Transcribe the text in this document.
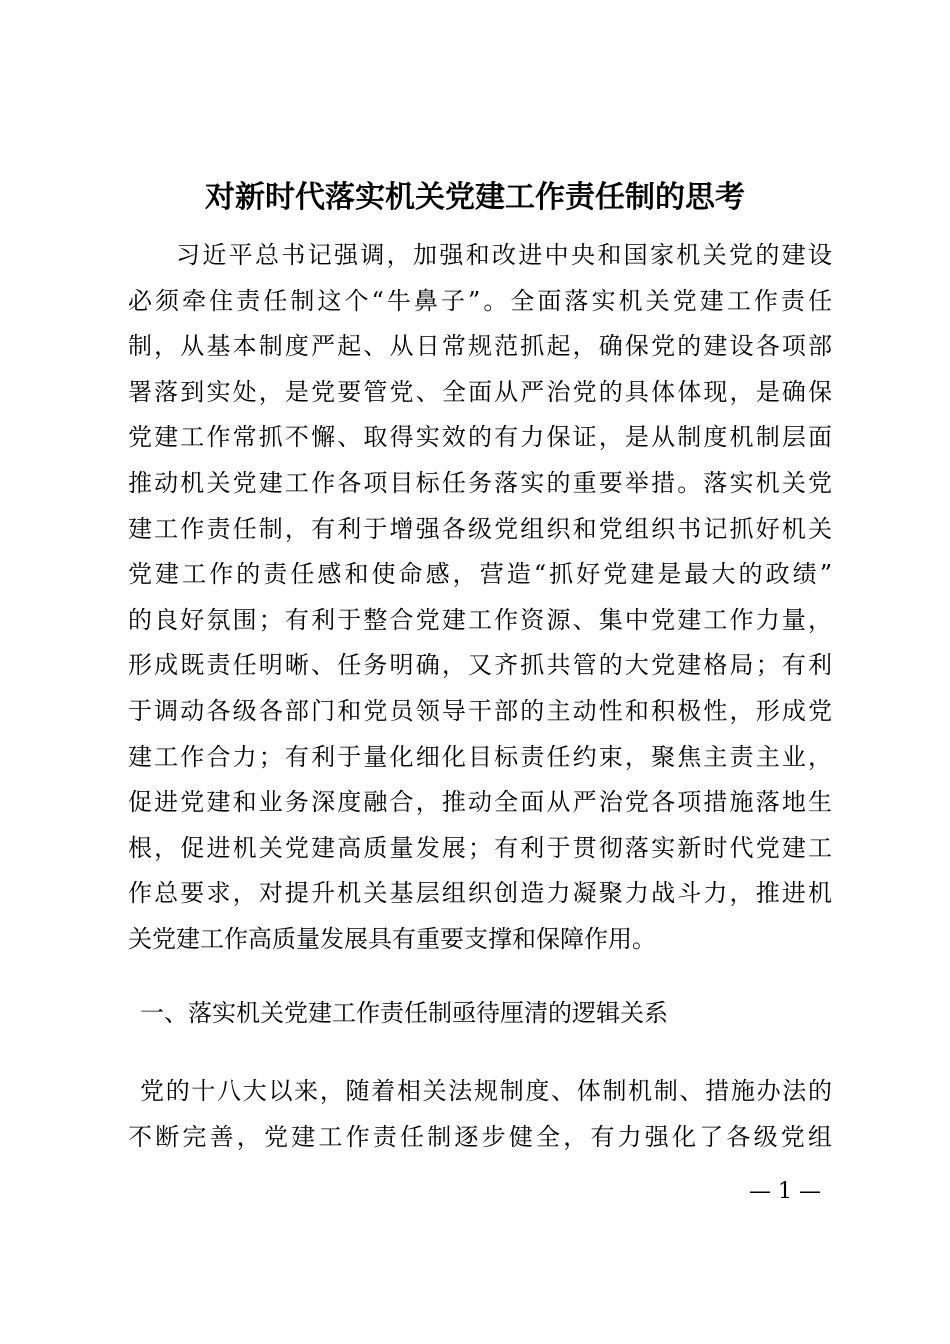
对新时代落实机关党建工作责任制的思考
习近平总书记强调，加强和改进中央和国家机关党的建设
必须牵住责任制这个“牛鼻子”。全面落实机关党建工作责任
制，从基本制度严起、从日常规范抓起，确保党的建设各项部
署落到实处，是党要管党、全面从严治党的具体体现，是确保
党建工作常抓不懈、取得实效的有力保证，是从制度机制层面
推动机关党建工作各项目标任务落实的重要举措。落实机关党
建工作责任制，有利于增强各级党组织和党组织书记抓好机关
党建工作的责任感和使命感，营造“抓好党建是最大的政绩”
的良好氛围；有利于整合党建工作资源、集中党建工作力量，
形成既责任明晰、任务明确，又齐抓共管的大党建格局；有利
于调动各级各部门和党员领导干部的主动性和积极性，形成党
建工作合力；有利于量化细化目标责任约束，聚焦主责主业，
促进党建和业务深度融合，推动全面从严治党各项措施落地生
根，促进机关党建高质量发展；有利于贯彻落实新时代党建工
作总要求，对提升机关基层组织创造力凝聚力战斗力，推进机
关党建工作高质量发展具有重要支撑和保障作用。
一、落实机关党建工作责任制亟待厘清的逻辑关系
党的十八大以来，随着相关法规制度、体制机制、措施办法的
不断完善，党建工作责任制逐步健全，有力强化了各级党组
— 1 —
